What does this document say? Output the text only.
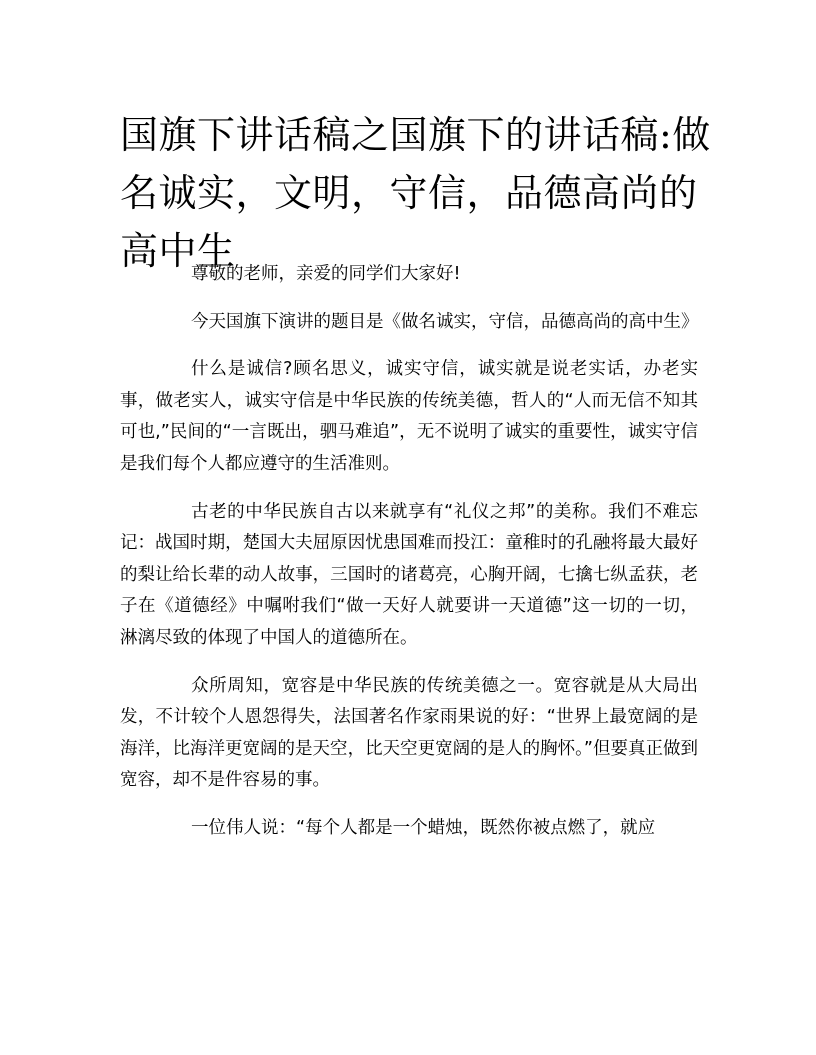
国旗下讲话稿之国旗下的讲话稿:做名诚实，文明，守信，品德高尚的高中生

尊敬的老师，亲爱的同学们大家好!

今天国旗下演讲的题目是《做名诚实，守信，品德高尚的高中生》

什么是诚信?顾名思义，诚实守信，诚实就是说老实话，办老实事，做老实人，诚实守信是中华民族的传统美德，哲人的“人而无信不知其可也,”民间的“一言既出，驷马难追”，无不说明了诚实的重要性，诚实守信是我们每个人都应遵守的生活准则。

古老的中华民族自古以来就享有“礼仪之邦”的美称。我们不难忘记：战国时期，楚国大夫屈原因忧患国难而投江：童稚时的孔融将最大最好的梨让给长辈的动人故事，三国时的诸葛亮，心胸开阔，七擒七纵孟获，老子在《道德经》中嘱咐我们“做一天好人就要讲一天道德”这一切的一切，淋漓尽致的体现了中国人的道德所在。

众所周知，宽容是中华民族的传统美德之一。宽容就是从大局出发，不计较个人恩怨得失，法国著名作家雨果说的好：“世界上最宽阔的是海洋，比海洋更宽阔的是天空，比天空更宽阔的是人的胸怀。”但要真正做到宽容，却不是件容易的事。

一位伟人说：“每个人都是一个蜡烛，既然你被点燃了，就应
